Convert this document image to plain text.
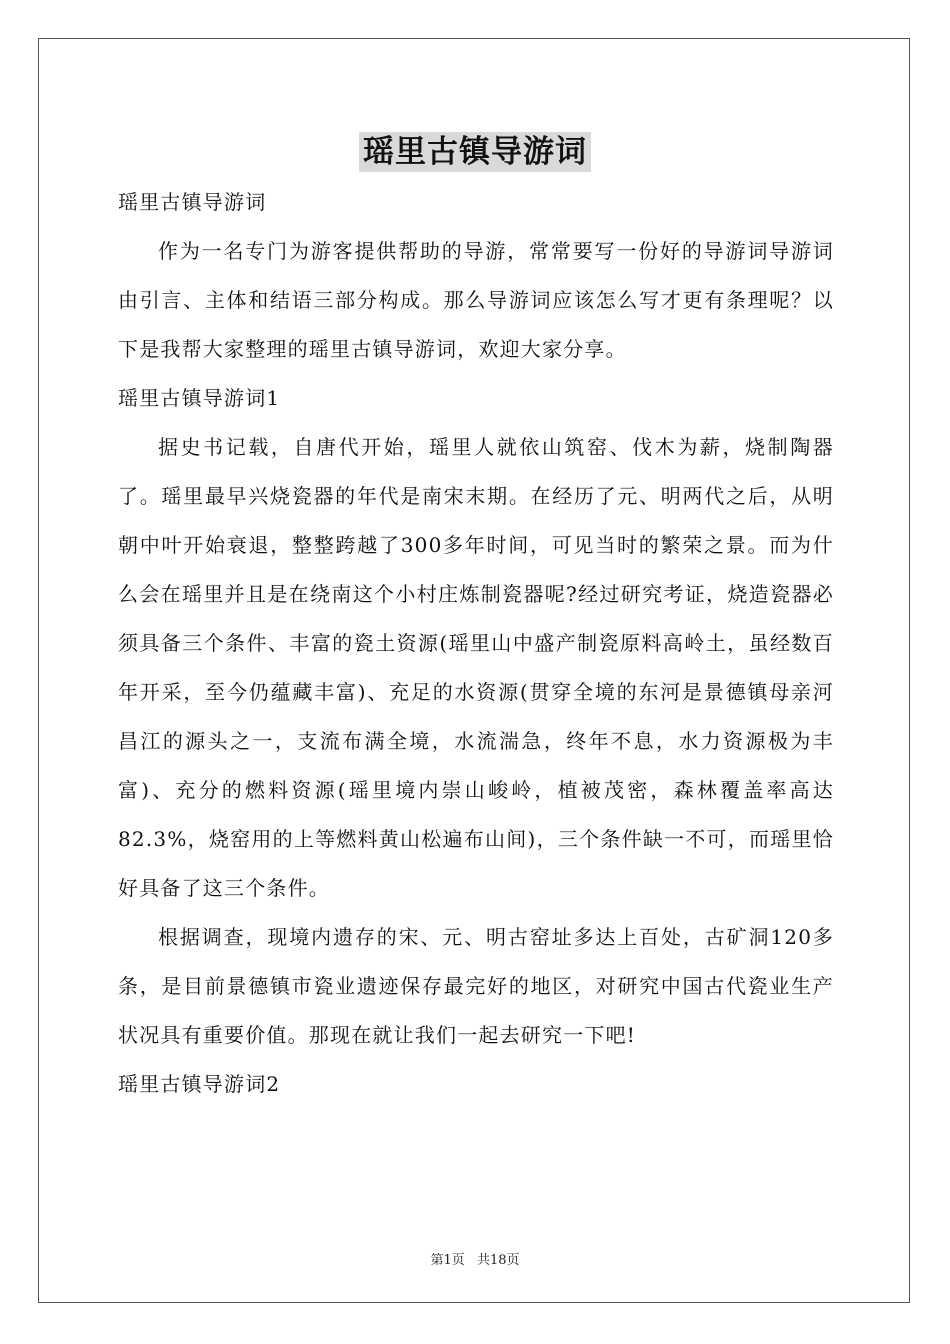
瑶里古镇导游词

瑶里古镇导游词

作为一名专门为游客提供帮助的导游，常常要写一份好的导游词导游词由引言、主体和结语三部分构成。那么导游词应该怎么写才更有条理呢？以下是我帮大家整理的瑶里古镇导游词，欢迎大家分享。

瑶里古镇导游词1

据史书记载，自唐代开始，瑶里人就依山筑窑、伐木为薪，烧制陶器了。瑶里最早兴烧瓷器的年代是南宋末期。在经历了元、明两代之后，从明朝中叶开始衰退，整整跨越了300多年时间，可见当时的繁荣之景。而为什么会在瑶里并且是在绕南这个小村庄炼制瓷器呢?经过研究考证，烧造瓷器必须具备三个条件、丰富的瓷土资源(瑶里山中盛产制瓷原料高岭土，虽经数百年开采，至今仍蕴藏丰富)、充足的水资源(贯穿全境的东河是景德镇母亲河昌江的源头之一，支流布满全境，水流湍急，终年不息，水力资源极为丰富)、充分的燃料资源(瑶里境内崇山峻岭，植被茂密，森林覆盖率高达82.3%，烧窑用的上等燃料黄山松遍布山间)，三个条件缺一不可，而瑶里恰好具备了这三个条件。

根据调查，现境内遗存的宋、元、明古窑址多达上百处，古矿洞120多条，是目前景德镇市瓷业遗迹保存最完好的地区，对研究中国古代瓷业生产状况具有重要价值。那现在就让我们一起去研究一下吧!

瑶里古镇导游词2

第1页 共18页
